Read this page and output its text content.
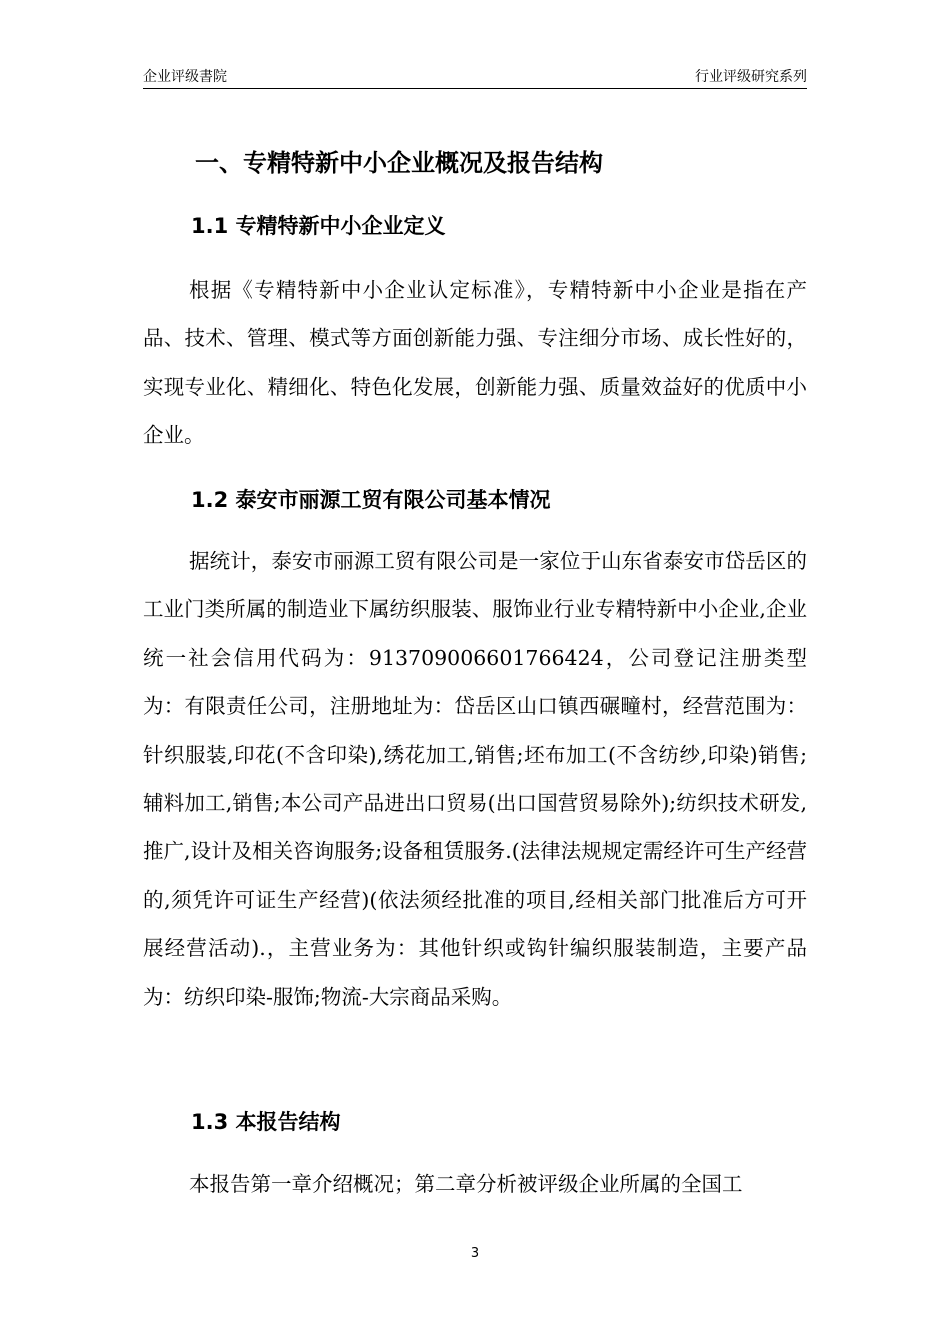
企业评级書院	行业评级研究系列
一、专精特新中小企业概况及报告结构
1.1 专精特新中小企业定义
根据《专精特新中小企业认定标准》，专精特新中小企业是指在产品、技术、管理、模式等方面创新能力强、专注细分市场、成长性好的，实现专业化、精细化、特色化发展，创新能力强、质量效益好的优质中小企业。
1.2 泰安市丽源工贸有限公司基本情况
据统计，泰安市丽源工贸有限公司是一家位于山东省泰安市岱岳区的工业门类所属的制造业下属纺织服装、服饰业行业专精特新中小企业,企业统一社会信用代码为：913709006601766424，公司登记注册类型为：有限责任公司，注册地址为：岱岳区山口镇西碾疃村，经营范围为：针织服装,印花(不含印染),绣花加工,销售;坯布加工(不含纺纱,印染)销售;辅料加工,销售;本公司产品进出口贸易(出口国营贸易除外);纺织技术研发,推广,设计及相关咨询服务;设备租赁服务.(法律法规规定需经许可生产经营的,须凭许可证生产经营)(依法须经批准的项目,经相关部门批准后方可开展经营活动).，主营业务为：其他针织或钩针编织服装制造，主要产品为：纺织印染-服饰;物流-大宗商品采购。
1.3 本报告结构
本报告第一章介绍概况；第二章分析被评级企业所属的全国工
3
